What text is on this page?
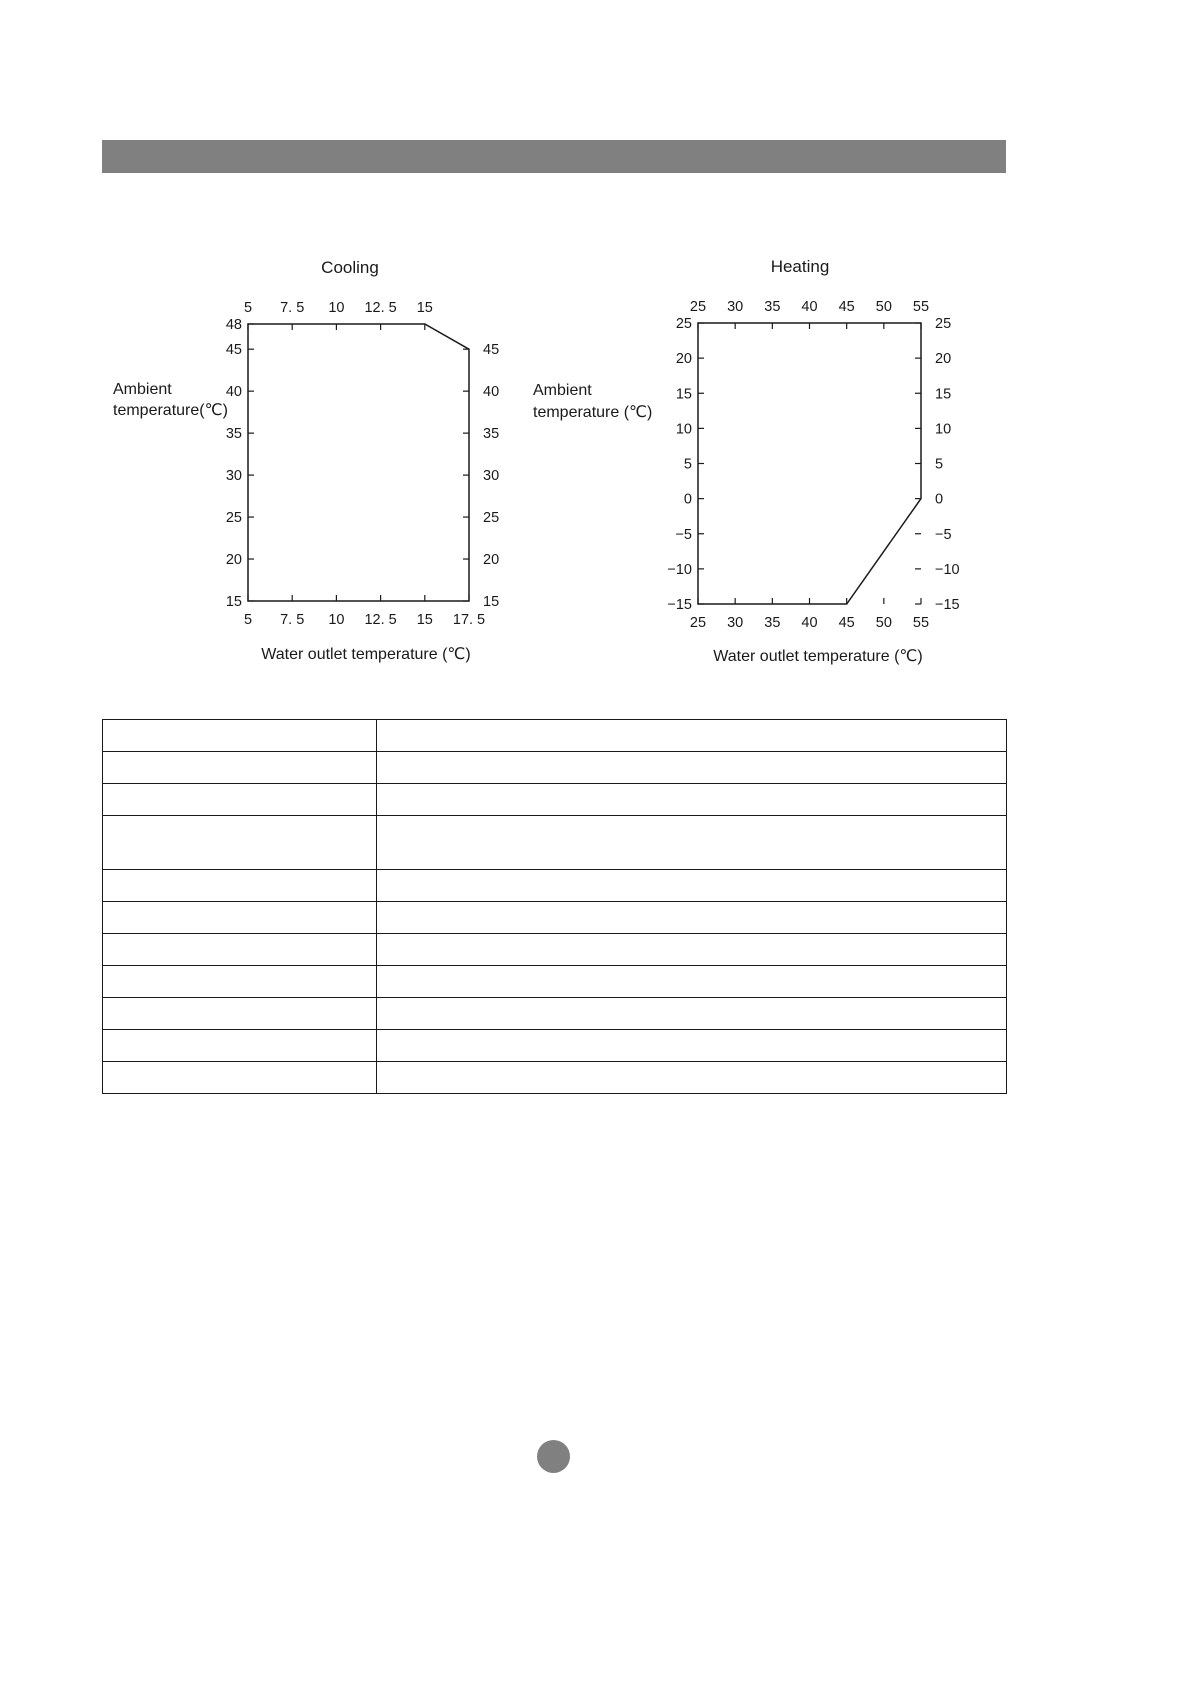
Cooling
Water outlet temperature (℃)
Ambient temperature(℃)
5 7. 5 10 12. 5 15
5 7. 5 10 12. 5 15 17. 5
48
45
40
35
30
25
20
15
45
40
35
30
25
20
15
Heating
Water outlet temperature (℃)
Ambient temperature (℃)
25 30 35 40 45 50 55
25 30 35 40 45 50 55
25
20
15
10
5
0
−5
−10
−15
25
20
15
10
5
0
−5
−10
−15
